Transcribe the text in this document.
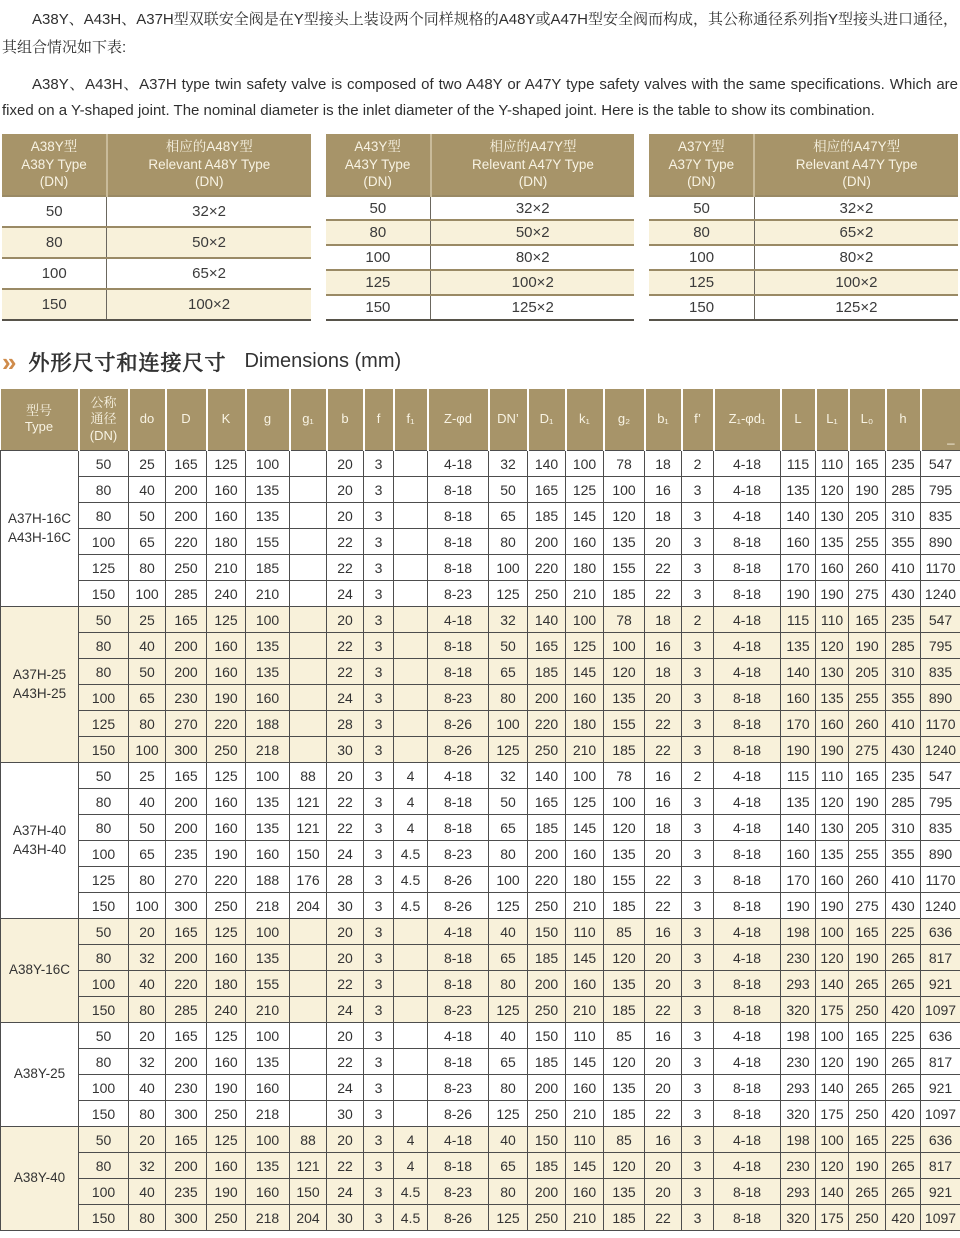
A38Y、A43H、A37H型双联安全阀是在Y型接头上装设两个同样规格的A48Y或A47H型安全阀而构成，其公称通径系列指Y型接头进口通径，其组合情况如下表:

A38Y、A43H、A37H type twin safety valve is composed of two A48Y or A47Y type safety valves with the same specifications. Which are fixed on a Y-shaped joint. The nominal diameter is the inlet diameter of the Y-shaped joint. Here is the table to show its combination.

A38Y型
A38Y Type
(DN)

相应的A48Y型
Relevant A48Y Type
(DN)

50	32×2
80	50×2
100	65×2
150	100×2
A43Y型
A43Y Type
(DN)

相应的A47Y型
Relevant A47Y Type
(DN)

50	32×2
80	50×2
100	80×2
125	100×2
150	125×2
A37Y型
A37Y Type
(DN)

相应的A47Y型
Relevant A47Y Type
(DN)

50	32×2
80	65×2
100	80×2
125	100×2
150	125×2
» 外形尺寸和连接尺寸 Dimensions (mm)
型号
Type

公称
通径
(DN)

do	D	K	g	g₁	b	f	f₁	Z-φd	DN’	D₁	k₁	g₂	b₁	f’	Z₁-φd₁	L	L₁	L₀	h

_

A37H-16C
A43H-16C	50	25	165	125	100		20	3		4-18	32	140	100	78	18	2	4-18	115	110	165	235	547
	80	40	200	160	135		20	3		8-18	50	165	125	100	16	3	4-18	135	120	190	285	795
	80	50	200	160	135		20	3		8-18	65	185	145	120	18	3	4-18	140	130	205	310	835
	100	65	220	180	155		22	3		8-18	80	200	160	135	20	3	8-18	160	135	255	355	890
	125	80	250	210	185		22	3		8-18	100	220	180	155	22	3	8-18	170	160	260	410	1170
	150	100	285	240	210		24	3		8-23	125	250	210	185	22	3	8-18	190	190	275	430	1240

A37H-25
A43H-25	50	25	165	125	100		20	3		4-18	32	140	100	78	18	2	4-18	115	110	165	235	547
	80	40	200	160	135		22	3		8-18	50	165	125	100	16	3	4-18	135	120	190	285	795
	80	50	200	160	135		22	3		8-18	65	185	145	120	18	3	4-18	140	130	205	310	835
	100	65	230	190	160		24	3		8-23	80	200	160	135	20	3	8-18	160	135	255	355	890
	125	80	270	220	188		28	3		8-26	100	220	180	155	22	3	8-18	170	160	260	410	1170
	150	100	300	250	218		30	3		8-26	125	250	210	185	22	3	8-18	190	190	275	430	1240

A37H-40
A43H-40	50	25	165	125	100	88	20	3	4	4-18	32	140	100	78	16	2	4-18	115	110	165	235	547
	80	40	200	160	135	121	22	3	4	8-18	50	165	125	100	16	3	4-18	135	120	190	285	795
	80	50	200	160	135	121	22	3	4	8-18	65	185	145	120	18	3	4-18	140	130	205	310	835
	100	65	235	190	160	150	24	3	4.5	8-23	80	200	160	135	20	3	8-18	160	135	255	355	890
	125	80	270	220	188	176	28	3	4.5	8-26	100	220	180	155	22	3	8-18	170	160	260	410	1170
	150	100	300	250	218	204	30	3	4.5	8-26	125	250	210	185	22	3	8-18	190	190	275	430	1240

A38Y-16C	50	20	165	125	100		20	3		4-18	40	150	110	85	16	3	4-18	198	100	165	225	636
	80	32	200	160	135		20	3		8-18	65	185	145	120	20	3	4-18	230	120	190	265	817
	100	40	220	180	155		22	3		8-18	80	200	160	135	20	3	8-18	293	140	265	265	921
	150	80	285	240	210		24	3		8-23	125	250	210	185	22	3	8-18	320	175	250	420	1097

A38Y-25	50	20	165	125	100		20	3		4-18	40	150	110	85	16	3	4-18	198	100	165	225	636
	80	32	200	160	135		22	3		8-18	65	185	145	120	20	3	4-18	230	120	190	265	817
	100	40	230	190	160		24	3		8-23	80	200	160	135	20	3	8-18	293	140	265	265	921
	150	80	300	250	218		30	3		8-26	125	250	210	185	22	3	8-18	320	175	250	420	1097

A38Y-40	50	20	165	125	100	88	20	3	4	4-18	40	150	110	85	16	3	4-18	198	100	165	225	636
	80	32	200	160	135	121	22	3	4	8-18	65	185	145	120	20	3	4-18	230	120	190	265	817
	100	40	235	190	160	150	24	3	4.5	8-23	80	200	160	135	20	3	8-18	293	140	265	265	921
	150	80	300	250	218	204	30	3	4.5	8-26	125	250	210	185	22	3	8-18	320	175	250	420	1097
